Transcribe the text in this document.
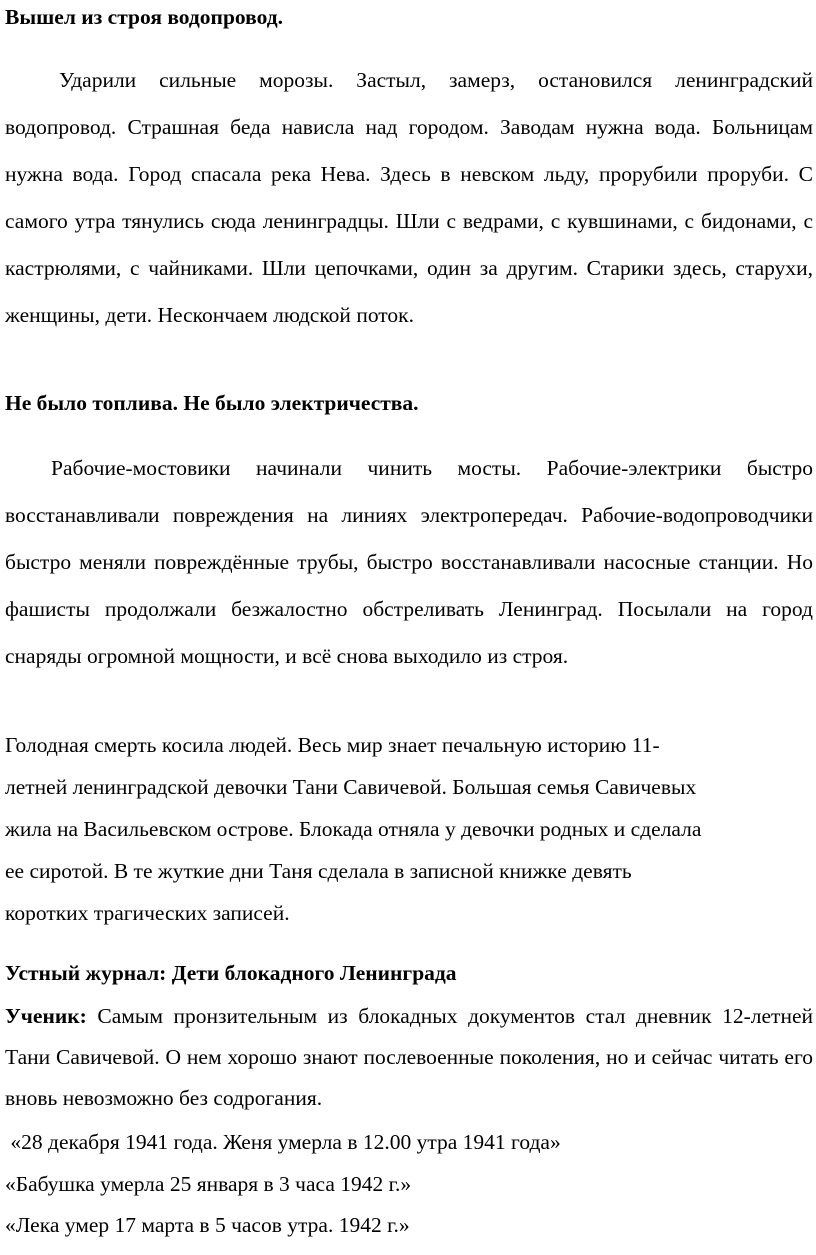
Вышел из строя водопровод.

Ударили сильные морозы. Застыл, замерз, остановился ленинградский водопровод. Страшная беда нависла над городом. Заводам нужна вода. Больницам нужна вода. Город спасала река Нева. Здесь в невском льду, прорубили проруби. С самого утра тянулись сюда ленинградцы. Шли с ведрами, с кувшинами, с бидонами, с кастрюлями, с чайниками. Шли цепочками, один за другим. Старики здесь, старухи, женщины, дети. Нескончаем людской поток.

Не было топлива. Не было электричества.

Рабочие-мостовики начинали чинить мосты. Рабочие-электрики быстро восстанавливали повреждения на линиях электропередач. Рабочие-водопроводчики быстро меняли повреждённые трубы, быстро восстанавливали насосные станции. Но фашисты продолжали безжалостно обстреливать Ленинград. Посылали на город снаряды огромной мощности, и всё снова выходило из строя.

Голодная смерть косила людей. Весь мир знает печальную историю 11-
летней ленинградской девочки Тани Савичевой. Большая семья Савичевых
жила на Васильевском острове. Блокада отняла у девочки родных и сделала
ее сиротой. В те жуткие дни Таня сделала в записной книжке девять
коротких трагических записей.

Устный журнал: Дети блокадного Ленинграда

Ученик: Самым пронзительным из блокадных документов стал дневник 12-летней Тани Савичевой. О нем хорошо знают послевоенные поколения, но и сейчас читать его вновь невозможно без содрогания.

«28 декабря 1941 года. Женя умерла в 12.00 утра 1941 года»

«Бабушка умерла 25 января в 3 часа 1942 г.»

«Лека умер 17 марта в 5 часов утра. 1942 г.»
